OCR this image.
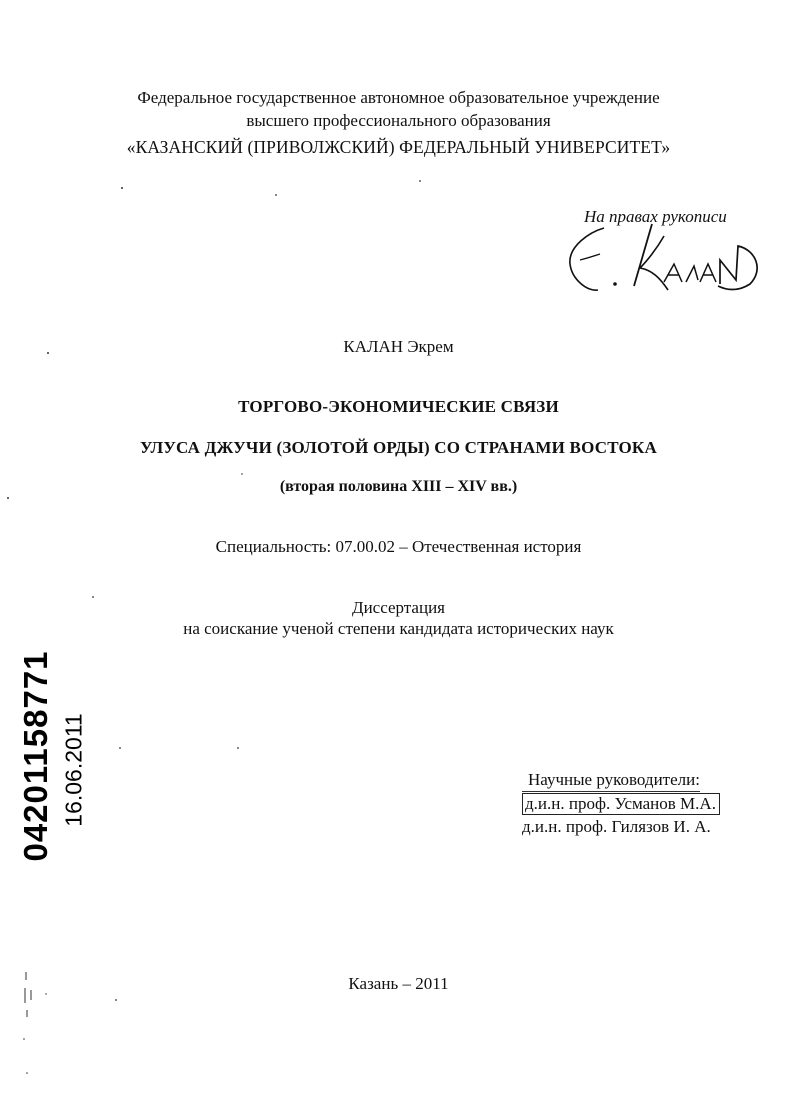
Федеральное государственное автономное образовательное учреждение
высшего профессионального образования
«КАЗАНСКИЙ (ПРИВОЛЖСКИЙ) ФЕДЕРАЛЬНЫЙ УНИВЕРСИТЕТ»
На правах рукописи
КАЛАН Экрем
ТОРГОВО-ЭКОНОМИЧЕСКИЕ СВЯЗИ
УЛУСА ДЖУЧИ (ЗОЛОТОЙ ОРДЫ) СО СТРАНАМИ ВОСТОКА
(вторая половина XIII – XIV вв.)
Специальность: 07.00.02 – Отечественная история
Диссертация
на соискание ученой степени кандидата исторических наук
Научные руководители:
д.и.н. проф. Усманов М.А.
д.и.н. проф. Гилязов И. А.
Казань – 2011
04201158771 16.06.2011
